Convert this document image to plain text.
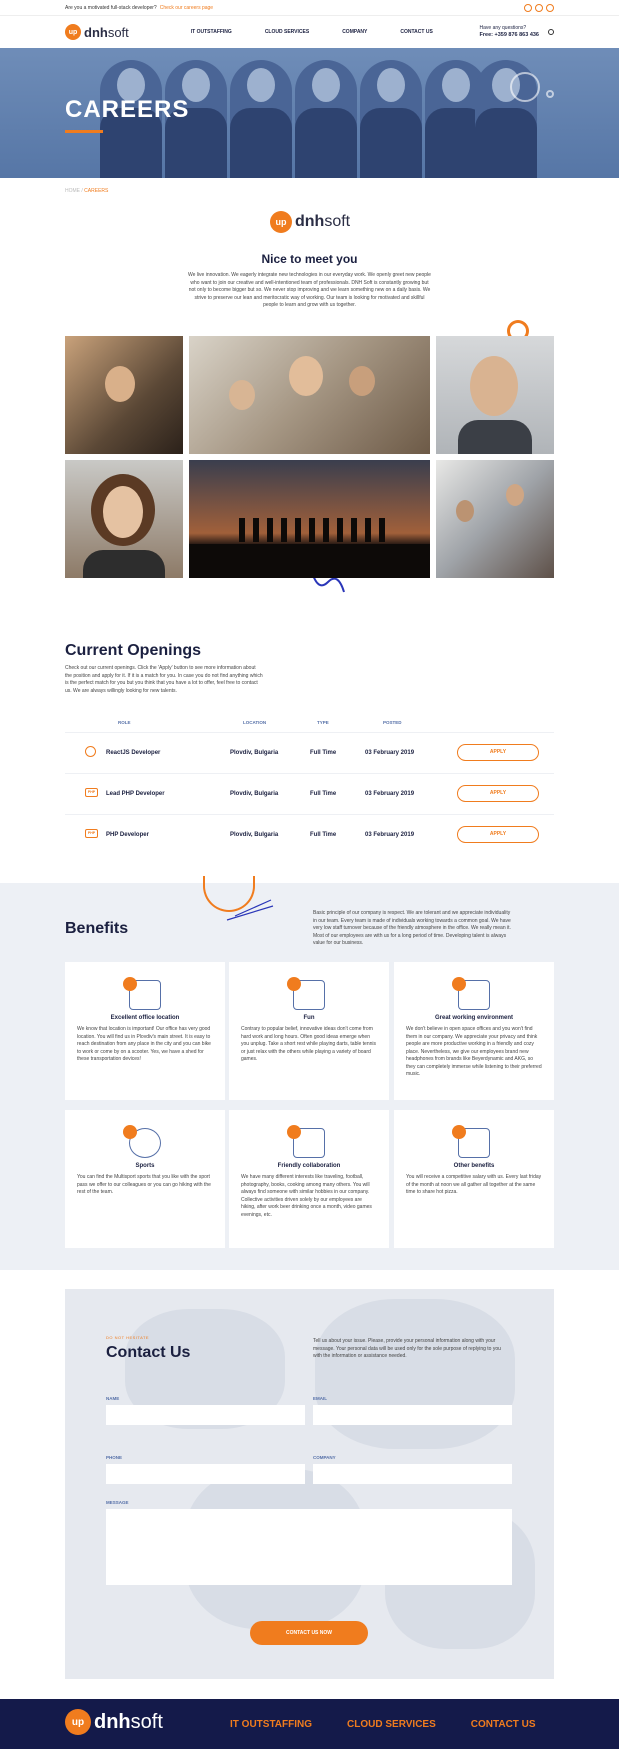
Are you a motivated full-stack developer? Check our careers page
up dnhsoft	IT OUTSTAFFING	CLOUD SERVICES	COMPANY	CONTACT US
Have any questions?
Free: +359 876 863 436
CAREERS
HOME / CAREERS
up dnhsoft
Nice to meet you
We live innovation. We eagerly integrate new technologies in our everyday work. We openly greet new people who want to join our creative and well-intentioned team of professionals. DNH Soft is constantly growing but not only to become bigger but so. We never stop improving and we learn something new on a daily basis. We strive to preserve our lean and meritocratic way of working. Our team is looking for motivated and skillful people to learn and grow with us together.
Current Openings
Check out our current openings. Click the 'Apply' button to see more information about the position and apply for it. If it is a match for you. In case you do not find anything which is the perfect match for you but you think that you have a lot to offer, feel free to contact us. We are always willingly looking for new talents.
ROLE	LOCATION	TYPE	POSTED
ReactJS Developer	Plovdiv, Bulgaria	Full Time	03 February 2019	APPLY
PHP	Lead PHP Developer	Plovdiv, Bulgaria	Full Time	03 February 2019	APPLY
PHP	PHP Developer	Plovdiv, Bulgaria	Full Time	03 February 2019	APPLY
Benefits
Basic principle of our company is respect. We are tolerant and we appreciate individuality in our team. Every team is made of individuals working towards a common goal. We have very low staff turnover because of the friendly atmosphere in the office. We really mean it. Most of our employees are with us for a long period of time. Developing talent is always value for our business.
Excellent office location

We know that location is important! Our office has very good location. You will find us in Plovdiv's main street. It is easy to reach destination from any place in the city and you can bike to work or come by on a scooter. Yes, we have a shed for these transportation devices!

Fun

Contrary to popular belief, innovative ideas don't come from hard work and long hours. Often good ideas emerge when you unplug. Take a short rest while playing darts, table tennis or just relax with the others while playing a variety of board games.

Great working environment

We don't believe in open space offices and you won't find them in our company. We appreciate your privacy and think people are more productive working in a friendly and cozy place. Nevertheless, we give our employees brand new headphones from brands like Beyerdynamic and AKG, so they can completely immerse while listening to their preferred music.

Sports

You can find the Multisport sports that you like with the sport pass we offer to our colleagues or you can go hiking with the rest of the team.

Friendly collaboration

We have many different interests like traveling, football, photography, books, cooking among many others. You will always find someone with similar hobbies in our company. Collective activities driven solely by our employees are hiking, after work beer drinking once a month, video games evenings, etc.

Other benefits

You will receive a competitive salary with us. Every last friday of the month at noon we all gather all together at the same time to share hot pizza.

DO NOT HESITATE
Contact Us
Tell us about your issue. Please, provide your personal information along with your message. Your personal data will be used only for the sole purpose of replying to you with the information or assistance needed.
NAME	EMAIL
PHONE	COMPANY
MESSAGE
CONTACT US NOW
up dnhsoft	IT OUTSTAFFING	CLOUD SERVICES	CONTACT US
